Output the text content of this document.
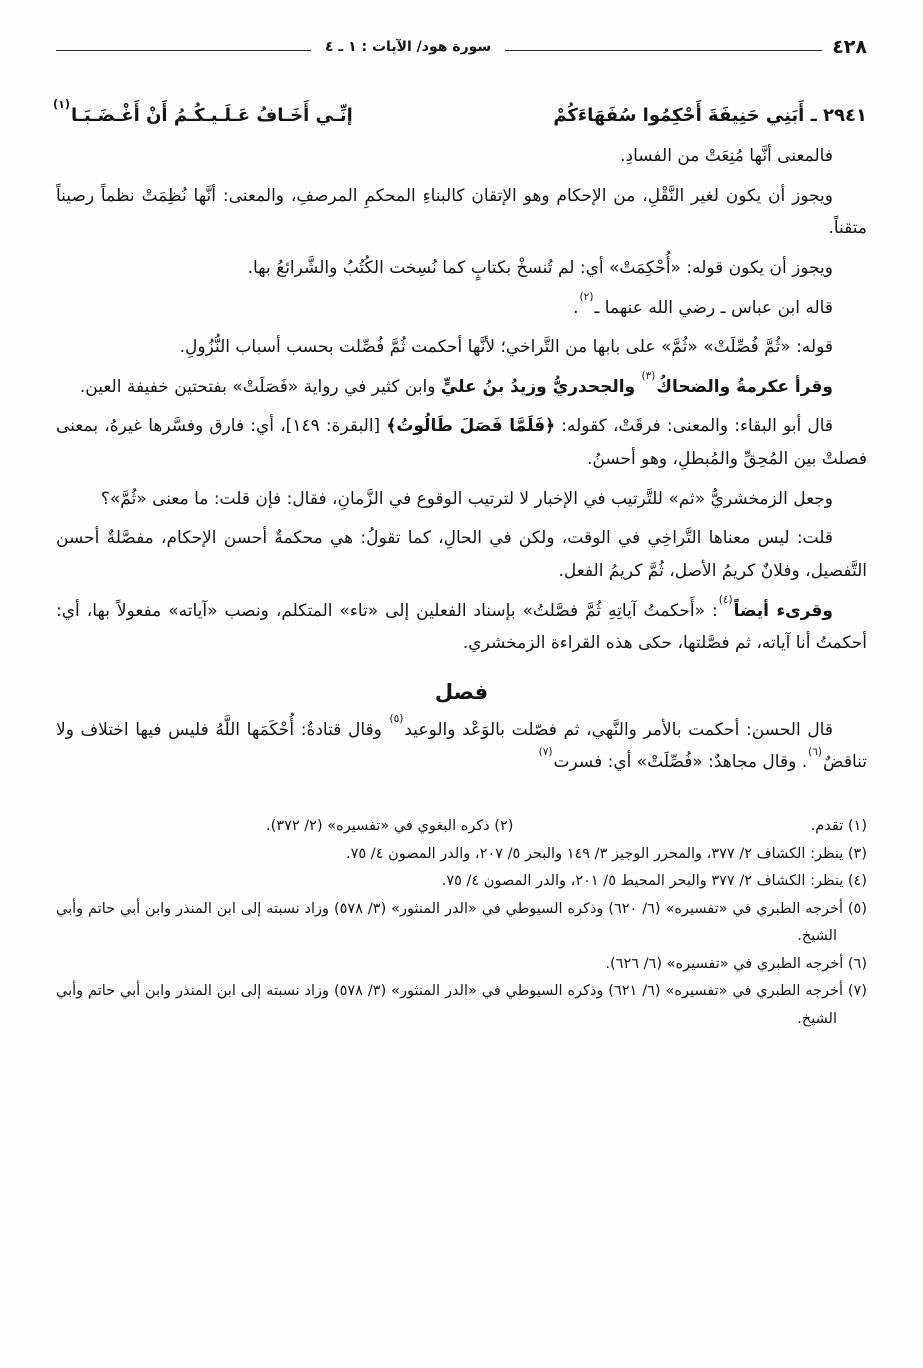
٤٢٨
سورة هود/ الآيات : ١ ـ ٤
٢٩٤١ ـ أَبَنِي حَنِيفَةَ أَحْكِمُوا سُفَهَاءَكُمْ
إنِّـي أَخَـافُ عَـلَـيـكُـمُ أَنْ أَغْـضَـبَـا$^{(١)}$

فالمعنى أنَّها مُنِعَتْ من الفسادِ.

ويجوز أن يكون لغير النَّقْلِ، من الإحكام وهو الإتقان كالبناءِ المحكمِ المرصفِ، والمعنى: أنَّها نُظِمَتْ نظماً رصيناً متقناً.

ويجوز أن يكون قوله: «أُحْكِمَتْ» أي: لم تُنسخْ بكتابٍ كما نُسِخت الكُتُبُ والشَّرائعُ بها.

قاله ابن عباس ـ رضي الله عنهما ـ$^{(٢)}$.

قوله: «ثُمَّ فُصِّلَتْ» «ثُمَّ» على بابها من التَّراخي؛ لأنَّها أحكمت ثُمَّ فُصِّلت بحسب أسباب النُّزُولِ.

وقرأ عكرمةُ والضحاكُ$^{(٣)}$ والجحدريُّ وزيدُ بنُ عليٍّ وابن كثير في رواية «فَصَلَتْ» بفتحتين خفيفة العين.

قال أبو البقاء: والمعنى: فرقَتْ، كقوله: ﴿فَلَمَّا فَصَلَ طَالُوتُ﴾ [البقرة: ١٤٩]، أي: فارق وفسَّرها غيرهُ، بمعنى فصلتْ بين المُحِقِّ والمُبطلِ، وهو أحسنُ.

وجعل الزمخشريُّ «ثم» للتَّرتيب في الإخبار لا لترتيب الوقوع في الزَّمانِ، فقال: فإن قلت: ما معنى «ثُمَّ»؟

قلت: ليس معناها التَّراخِي في الوقت، ولكن في الحالِ، كما تقولُ: هي محكمةٌ أحسن الإحكام، مفصَّلةٌ أحسن التَّفصيل، وفلانٌ كريمُ الأصل، ثُمَّ كريمُ الفعل.

وقرىء أيضاً$^{(٤)}$: «أَحكمتُ آياتِهِ ثُمَّ فصَّلتُ» بإسناد الفعلين إلى «تاء» المتكلم، ونصب «آياته» مفعولاً بها، أي: أحكمتُ أنا آياته، ثم فصَّلتها، حكى هذه القراءة الزمخشري.

فصل

قال الحسن: أحكمت بالأمر والنَّهي، ثم فصّلت بالوَعْد والوعيد$^{(٥)}$ وقال قتادةُ: أُحْكَمَها اللَّهُ فليس فيها اختلاف ولا تناقضٌ$^{(٦)}$. وقال مجاهدٌ: «فُصِّلَتْ» أي: فسرت$^{(٧)}$

(١) تقدم.
(٢) ذكره البغوي في «تفسيره» (٢/ ٣٧٢).

(٣) ينظر: الكشاف ٢/ ٣٧٧، والمحرر الوجيز ٣/ ١٤٩ والبحر ٥/ ٢٠٧، والدر المصون ٤/ ٧٥.

(٤) ينظر: الكشاف ٢/ ٣٧٧ والبحر المحيط ٥/ ٢٠١، والدر المصون ٤/ ٧٥.

(٥) أخرجه الطبري في «تفسيره» (٦/ ٦٢٠) وذكره السيوطي في «الدر المنثور» (٣/ ٥٧٨) وزاد نسبته إلى ابن المنذر وابن أبي حاتم وأبي الشيخ.

(٦) أخرجه الطبري في «تفسيره» (٦/ ٦٢٦).

(٧) أخرجه الطبري في «تفسيره» (٦/ ٦٢١) وذكره السيوطي في «الدر المنثور» (٣/ ٥٧٨) وزاد نسبته إلى ابن المنذر وابن أبي حاتم وأبي الشيخ.
